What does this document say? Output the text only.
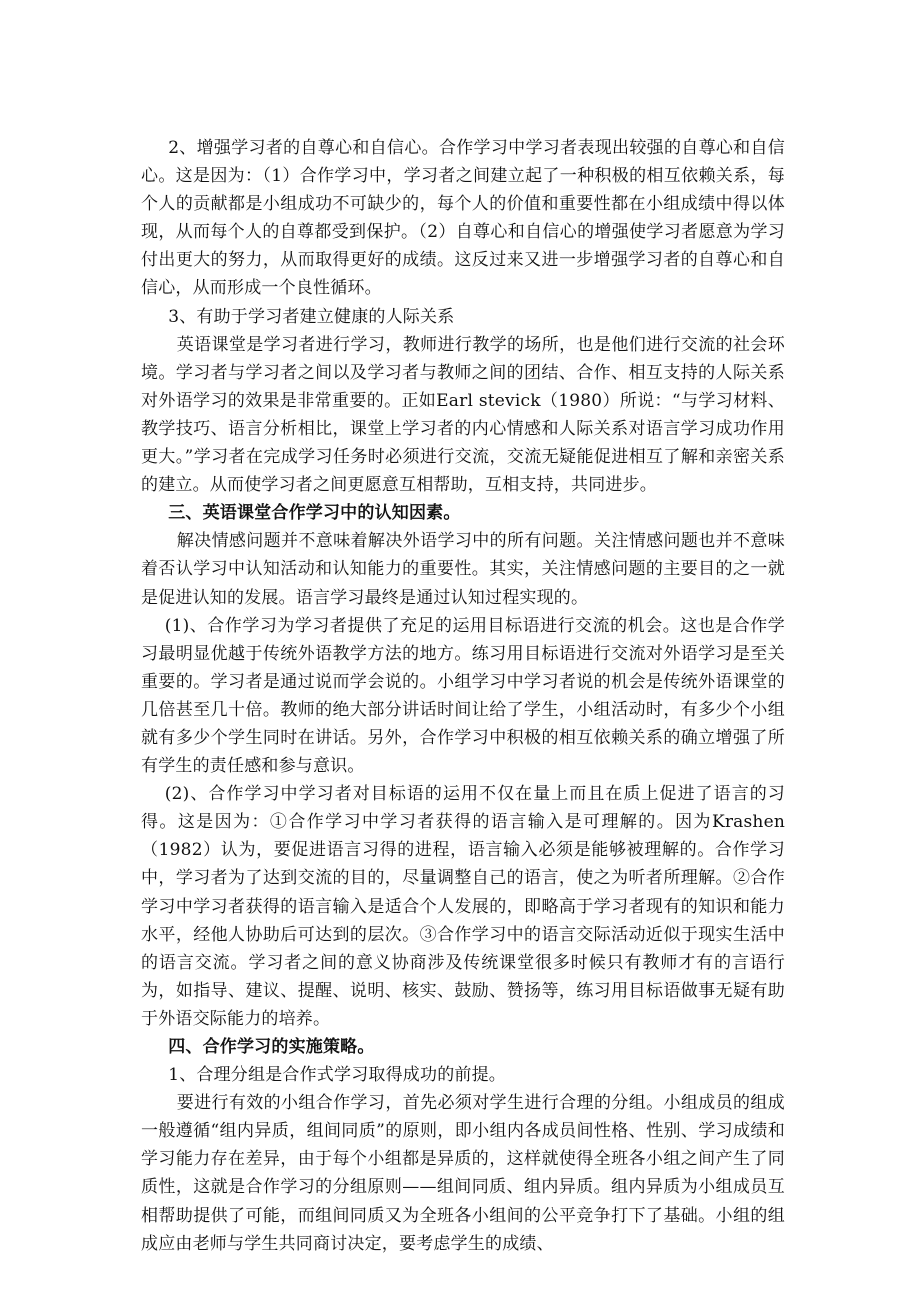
2、增强学习者的自尊心和自信心。合作学习中学习者表现出较强的自尊心和自信心。这是因为：（1）合作学习中，学习者之间建立起了一种积极的相互依赖关系，每个人的贡献都是小组成功不可缺少的，每个人的价值和重要性都在小组成绩中得以体现，从而每个人的自尊都受到保护。（2）自尊心和自信心的增强使学习者愿意为学习付出更大的努力，从而取得更好的成绩。这反过来又进一步增强学习者的自尊心和自信心，从而形成一个良性循环。

3、有助于学习者建立健康的人际关系

英语课堂是学习者进行学习，教师进行教学的场所，也是他们进行交流的社会环境。学习者与学习者之间以及学习者与教师之间的团结、合作、相互支持的人际关系对外语学习的效果是非常重要的。正如Earl stevick（1980）所说：“与学习材料、教学技巧、语言分析相比，课堂上学习者的内心情感和人际关系对语言学习成功作用更大。”学习者在完成学习任务时必须进行交流，交流无疑能促进相互了解和亲密关系的建立。从而使学习者之间更愿意互相帮助，互相支持，共同进步。

三、英语课堂合作学习中的认知因素。

解决情感问题并不意味着解决外语学习中的所有问题。关注情感问题也并不意味着否认学习中认知活动和认知能力的重要性。其实，关注情感问题的主要目的之一就是促进认知的发展。语言学习最终是通过认知过程实现的。

(1)、合作学习为学习者提供了充足的运用目标语进行交流的机会。这也是合作学习最明显优越于传统外语教学方法的地方。练习用目标语进行交流对外语学习是至关重要的。学习者是通过说而学会说的。小组学习中学习者说的机会是传统外语课堂的几倍甚至几十倍。教师的绝大部分讲话时间让给了学生，小组活动时，有多少个小组就有多少个学生同时在讲话。另外，合作学习中积极的相互依赖关系的确立增强了所有学生的责任感和参与意识。

(2)、合作学习中学习者对目标语的运用不仅在量上而且在质上促进了语言的习得。这是因为：①合作学习中学习者获得的语言输入是可理解的。因为Krashen（1982）认为，要促进语言习得的进程，语言输入必须是能够被理解的。合作学习中，学习者为了达到交流的目的，尽量调整自己的语言，使之为听者所理解。②合作学习中学习者获得的语言输入是适合个人发展的，即略高于学习者现有的知识和能力水平，经他人协助后可达到的层次。③合作学习中的语言交际活动近似于现实生活中的语言交流。学习者之间的意义协商涉及传统课堂很多时候只有教师才有的言语行为，如指导、建议、提醒、说明、核实、鼓励、赞扬等，练习用目标语做事无疑有助于外语交际能力的培养。

四、合作学习的实施策略。

1、合理分组是合作式学习取得成功的前提。

要进行有效的小组合作学习，首先必须对学生进行合理的分组。小组成员的组成一般遵循“组内异质，组间同质”的原则，即小组内各成员间性格、性别、学习成绩和学习能力存在差异，由于每个小组都是异质的，这样就使得全班各小组之间产生了同质性，这就是合作学习的分组原则——组间同质、组内异质。组内异质为小组成员互相帮助提供了可能，而组间同质又为全班各小组间的公平竞争打下了基础。小组的组成应由老师与学生共同商讨决定，要考虑学生的成绩、
